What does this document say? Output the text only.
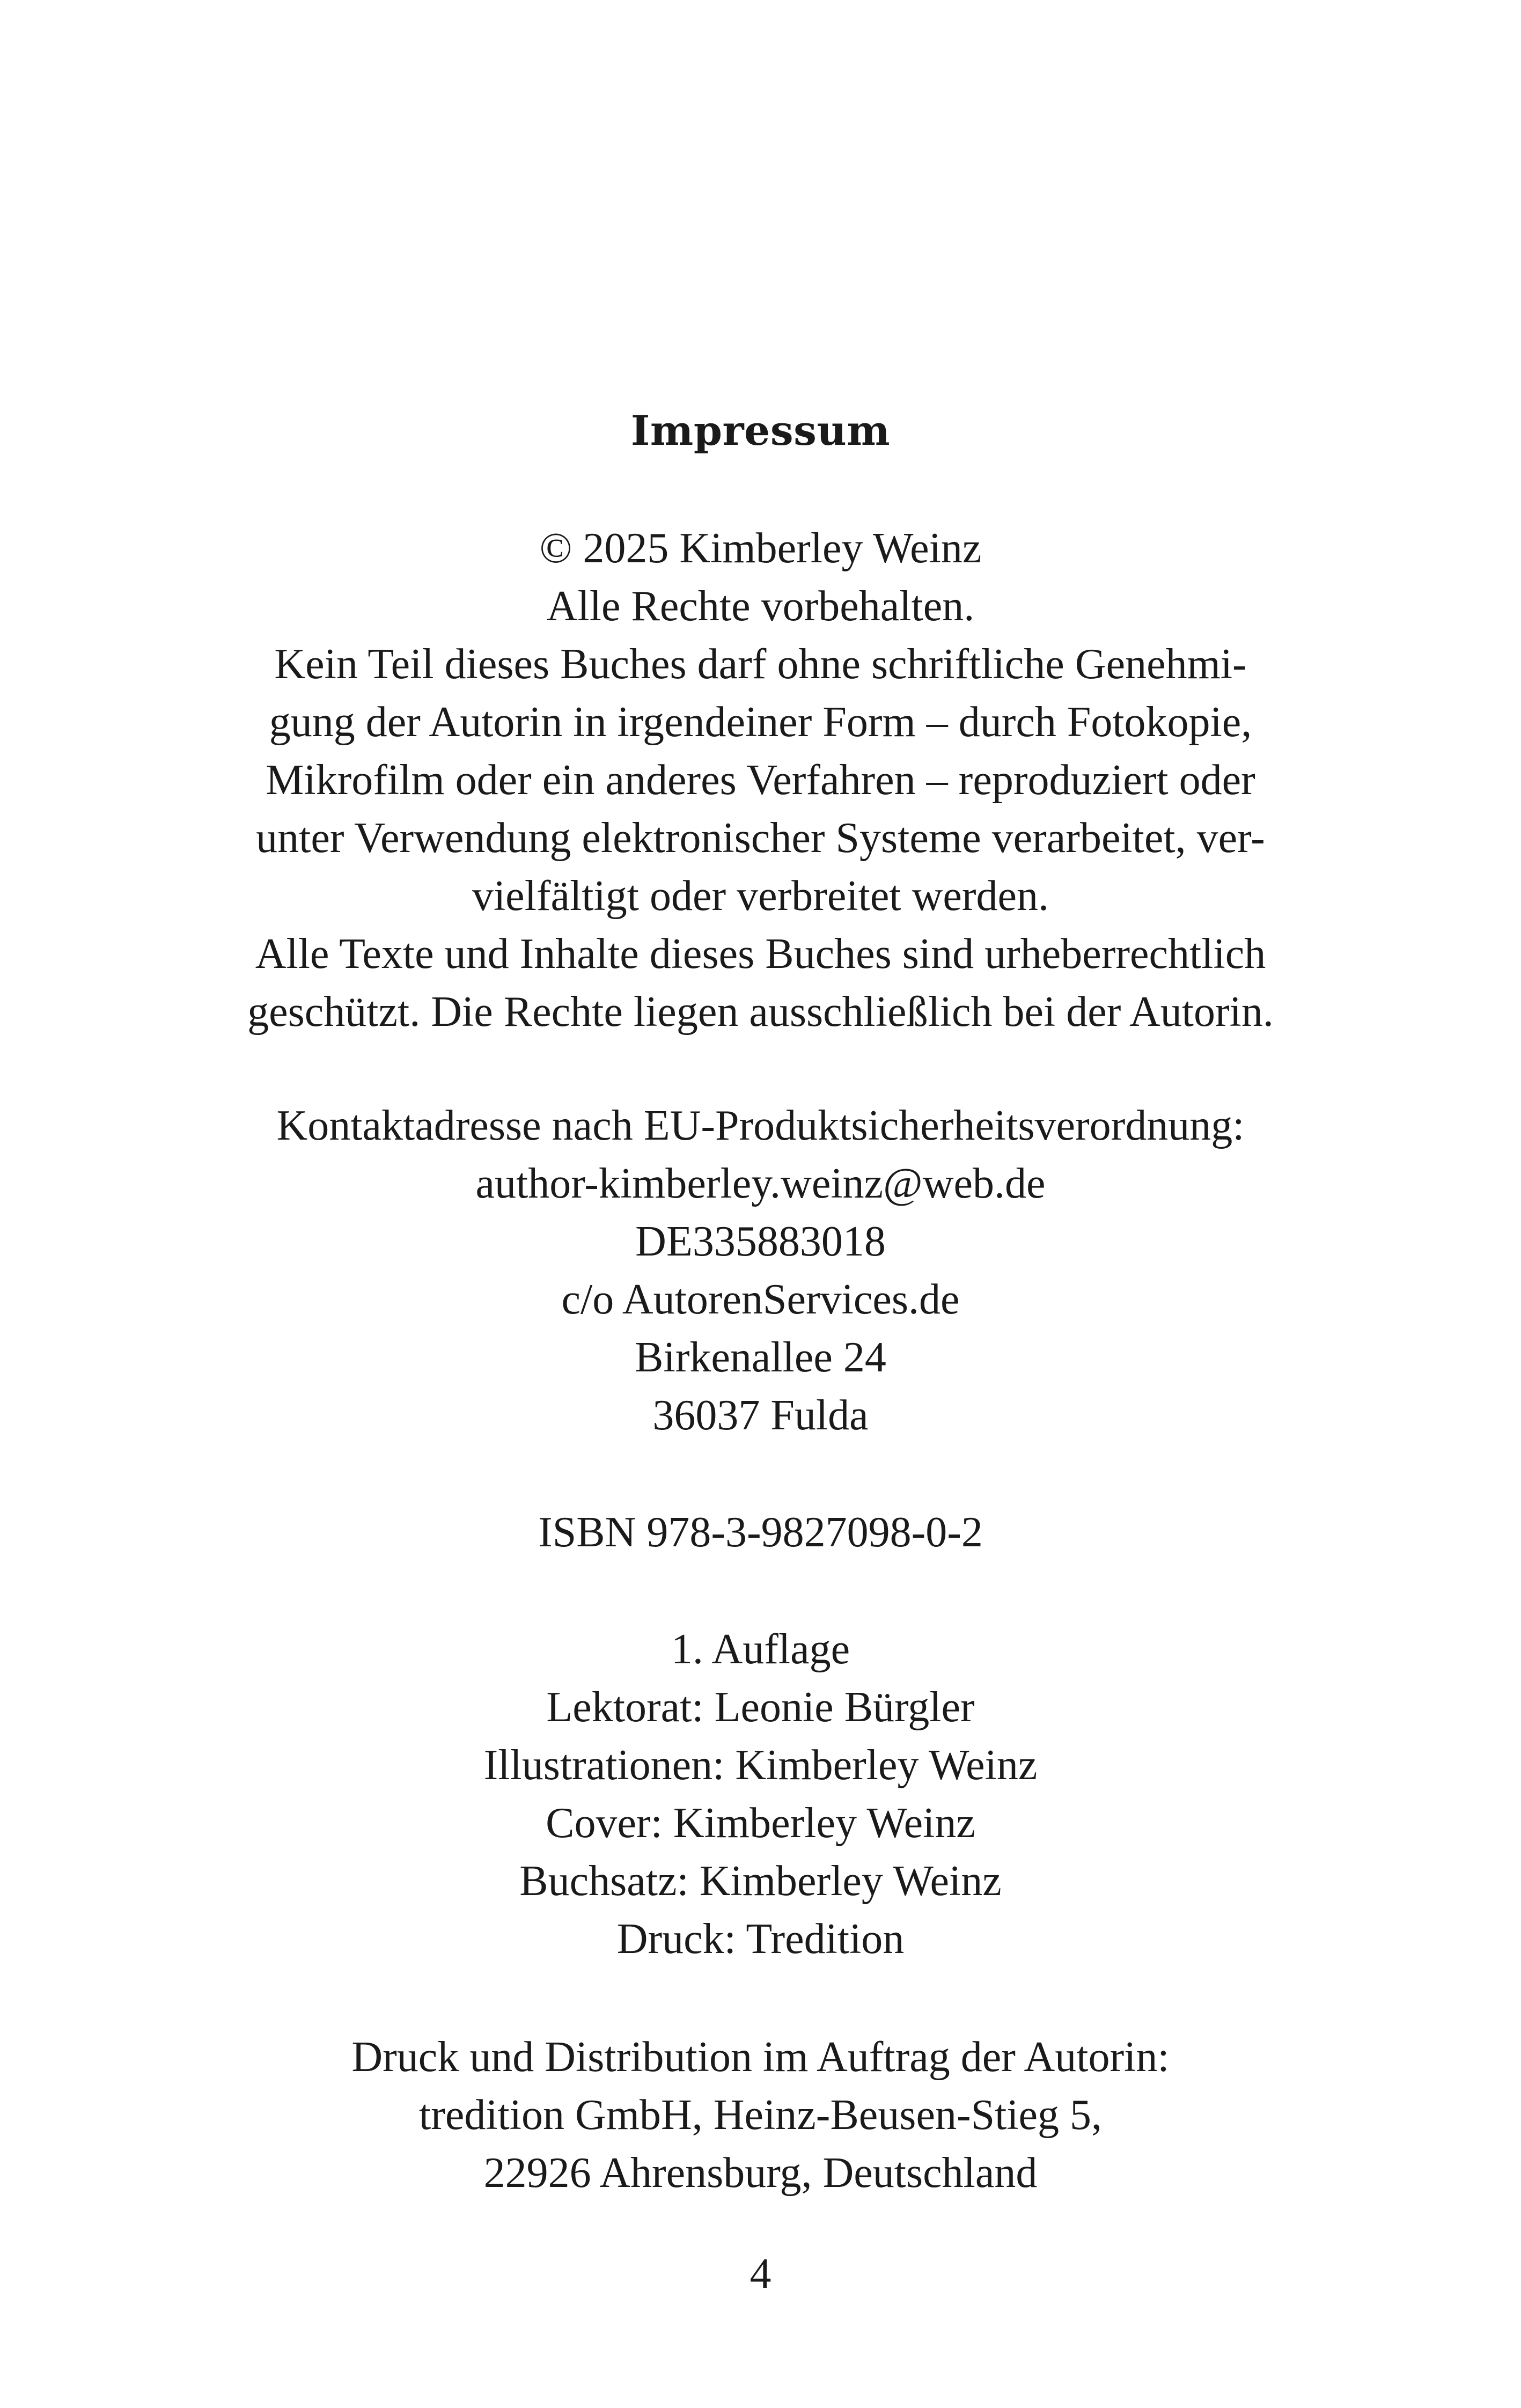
Impressum
© 2025 Kimberley Weinz
Alle Rechte vorbehalten.
Kein Teil dieses Buches darf ohne schriftliche Genehmi-
gung der Autorin in irgendeiner Form – durch Fotokopie,
Mikrofilm oder ein anderes Verfahren – reproduziert oder
unter Verwendung elektronischer Systeme verarbeitet, ver-
vielfältigt oder verbreitet werden.
Alle Texte und Inhalte dieses Buches sind urheberrechtlich
geschützt. Die Rechte liegen ausschließlich bei der Autorin.
Kontaktadresse nach EU-Produktsicherheitsverordnung:
author-kimberley.weinz@web.de
DE335883018
c/o AutorenServices.de
Birkenallee 24
36037 Fulda
ISBN 978-3-9827098-0-2
1. Auflage
Lektorat: Leonie Bürgler
Illustrationen: Kimberley Weinz
Cover: Kimberley Weinz
Buchsatz: Kimberley Weinz
Druck: Tredition
Druck und Distribution im Auftrag der Autorin:
tredition GmbH, Heinz-Beusen-Stieg 5,
22926 Ahrensburg, Deutschland
4
